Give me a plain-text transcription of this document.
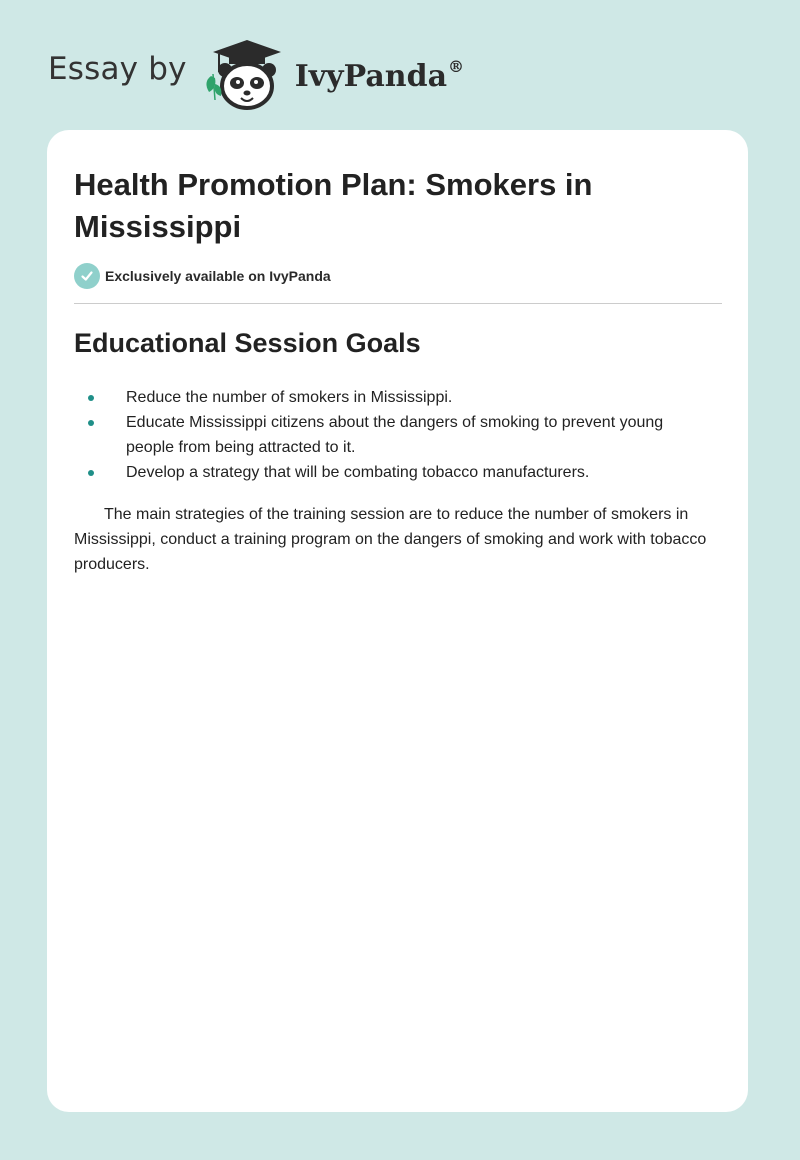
Essay by	IvyPanda®
Health Promotion Plan: Smokers in Mississippi
Exclusively available on IvyPanda
Educational Session Goals
Reduce the number of smokers in Mississippi.
Educate Mississippi citizens about the dangers of smoking to prevent young people from being attracted to it.
Develop a strategy that will be combating tobacco manufacturers.

The main strategies of the training session are to reduce the number of smokers in Mississippi, conduct a training program on the dangers of smoking and work with tobacco producers.
